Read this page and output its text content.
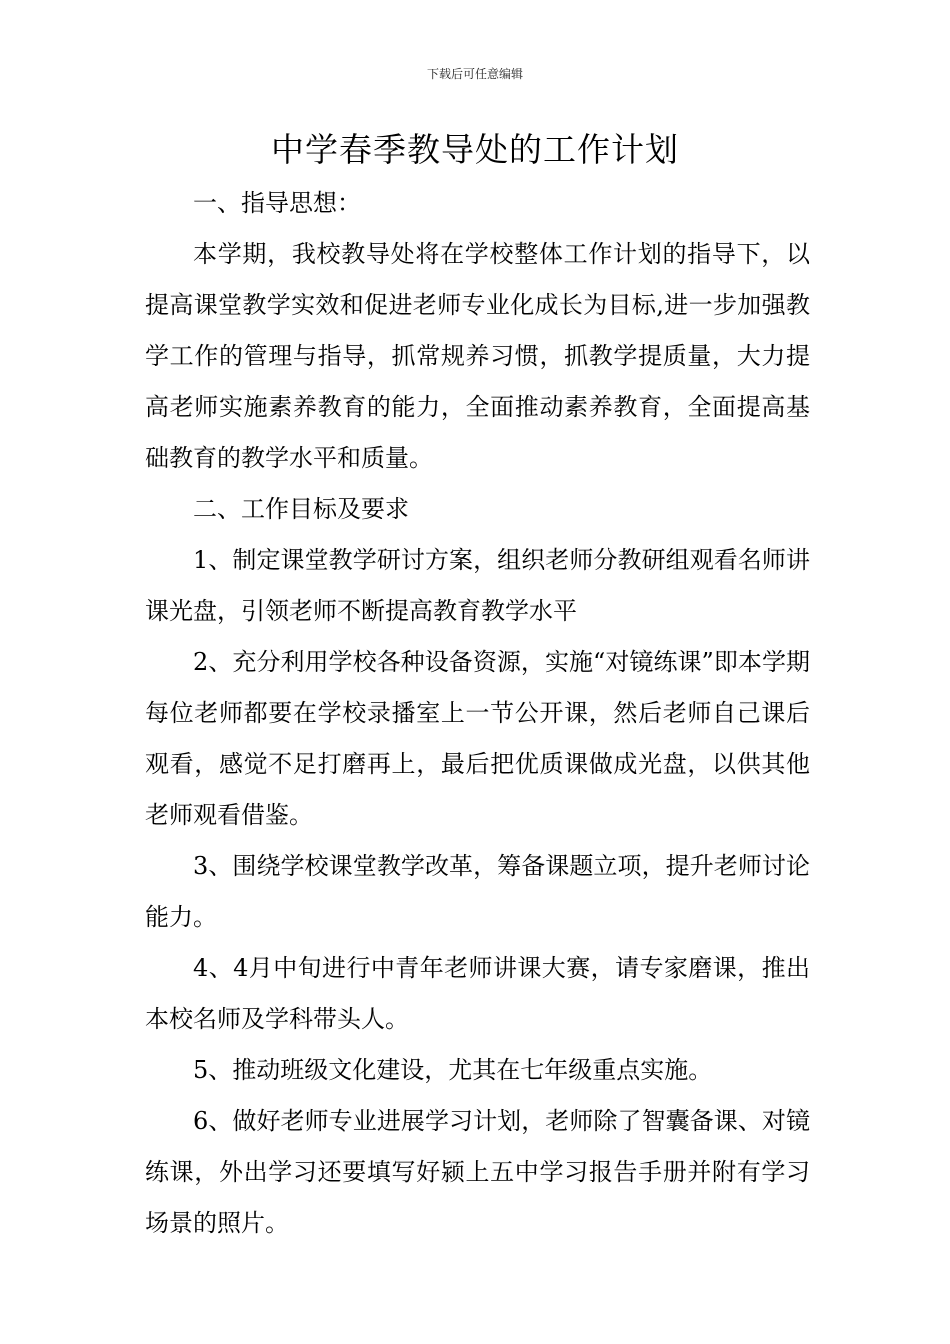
下载后可任意编辑
中学春季教导处的工作计划

一、指导思想：

本学期，我校教导处将在学校整体工作计划的指导下，以提高课堂教学实效和促进老师专业化成长为目标,进一步加强教学工作的管理与指导，抓常规养习惯，抓教学提质量，大力提高老师实施素养教育的能力，全面推动素养教育，全面提高基础教育的教学水平和质量。

二、工作目标及要求

1、制定课堂教学研讨方案，组织老师分教研组观看名师讲课光盘，引领老师不断提高教育教学水平

2、充分利用学校各种设备资源，实施“对镜练课”即本学期每位老师都要在学校录播室上一节公开课，然后老师自己课后观看，感觉不足打磨再上，最后把优质课做成光盘，以供其他老师观看借鉴。

3、围绕学校课堂教学改革，筹备课题立项，提升老师讨论能力。

4、4月中旬进行中青年老师讲课大赛，请专家磨课，推出本校名师及学科带头人。

5、推动班级文化建设，尤其在七年级重点实施。

6、做好老师专业进展学习计划，老师除了智囊备课、对镜练课，外出学习还要填写好颍上五中学习报告手册并附有学习场景的照片。
